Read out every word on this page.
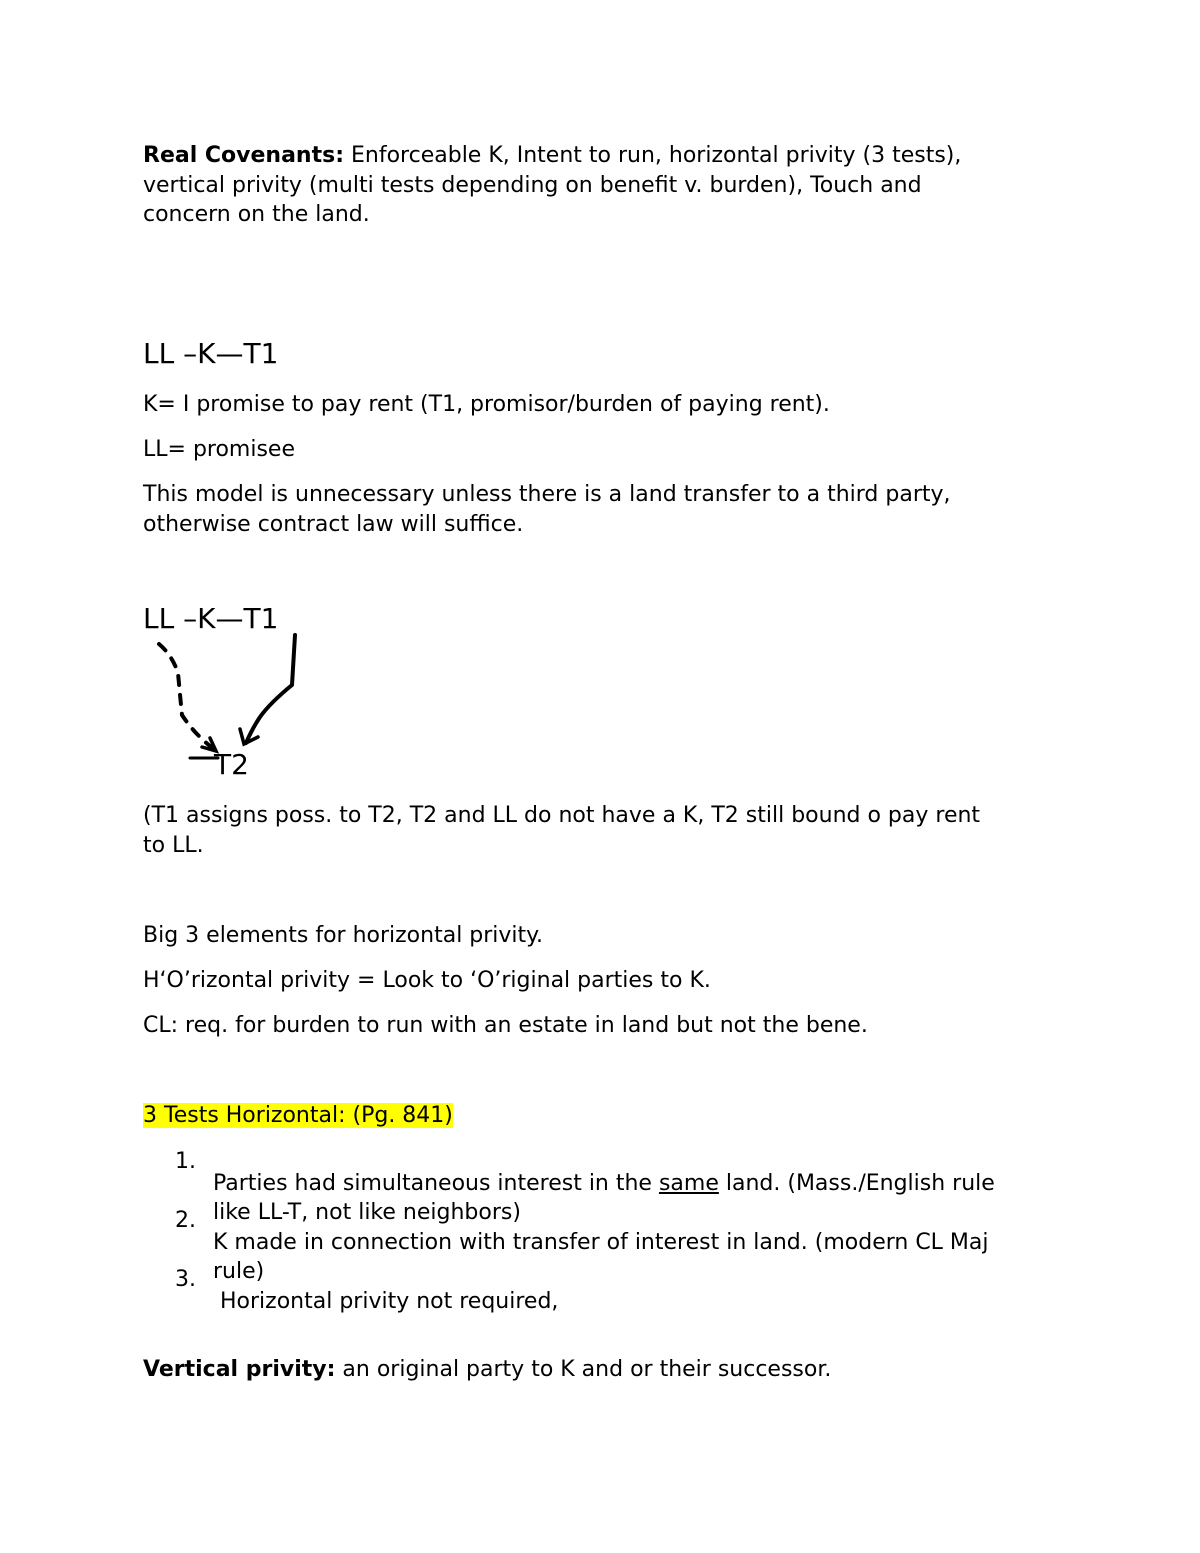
Real Covenants: Enforceable K, Intent to run, horizontal privity (3 tests),

vertical privity (multi tests depending on benefit v. burden), Touch and

concern on the land.

LL –K—T1

K= I promise to pay rent (T1, promisor/burden of paying rent).

LL= promisee

This model is unnecessary unless there is a land transfer to a third party,

otherwise contract law will suffice.

LL –K—T1

T2

(T1 assigns poss. to T2, T2 and LL do not have a K, T2 still bound o pay rent

to LL.

Big 3 elements for horizontal privity.

H‘O’rizontal privity = Look to ‘O’riginal parties to K.

CL: req. for burden to run with an estate in land but not the bene.

3 Tests Horizontal: (Pg. 841)

1.

Parties had simultaneous interest in the same land. (Mass./English rule

like LL-T, not like neighbors)

2.

K made in connection with transfer of interest in land. (modern CL Maj

rule)

3.

Horizontal privity not required,

Vertical privity: an original party to K and or their successor.
